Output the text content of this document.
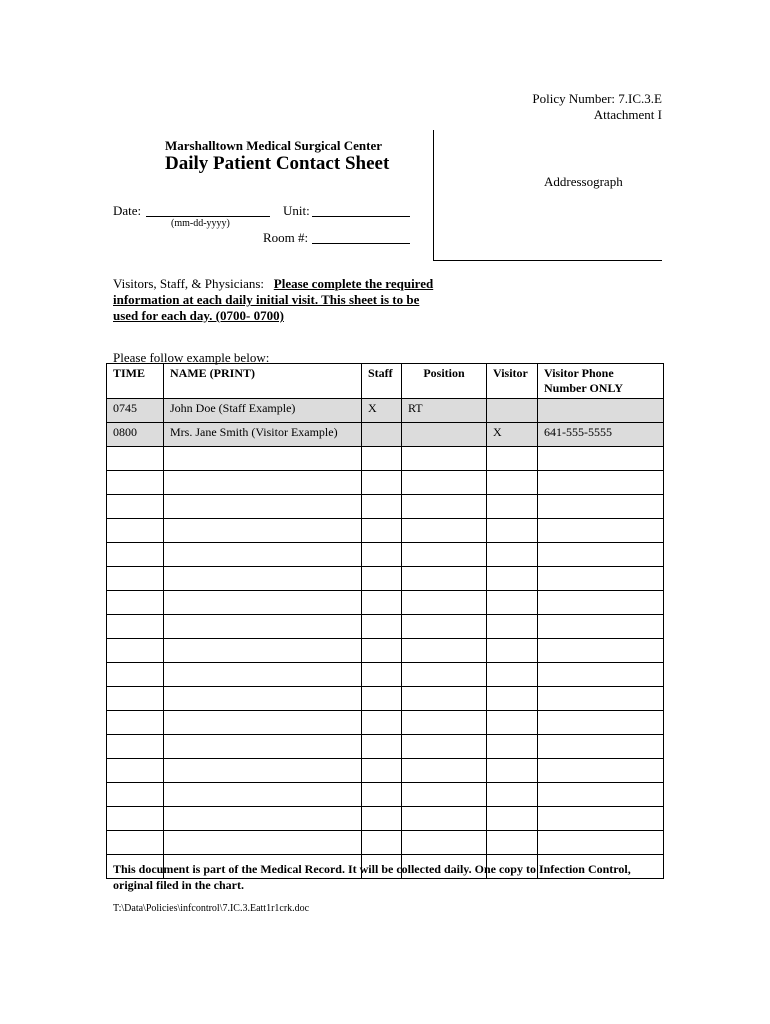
Policy Number: 7.IC.3.E
Attachment I
Marshalltown Medical Surgical Center
Daily Patient Contact Sheet
Addressograph
Date:
(mm-dd-yyyy)
Unit:
Room #:
Visitors, Staff, & Physicians: Please complete the required information at each daily initial visit. This sheet is to be used for each day. (0700- 0700)
Please follow example below:
TIME	NAME (PRINT)	Staff	Position	Visitor	Visitor Phone Number ONLY
0745	John Doe (Staff Example)	X	RT		
0800	Mrs. Jane Smith (Visitor Example)			X	641-555-5555

This document is part of the Medical Record. It will be collected daily. One copy to Infection Control, original filed in the chart.
T:\Data\Policies\infcontrol\7.IC.3.Eatt1r1crk.doc
